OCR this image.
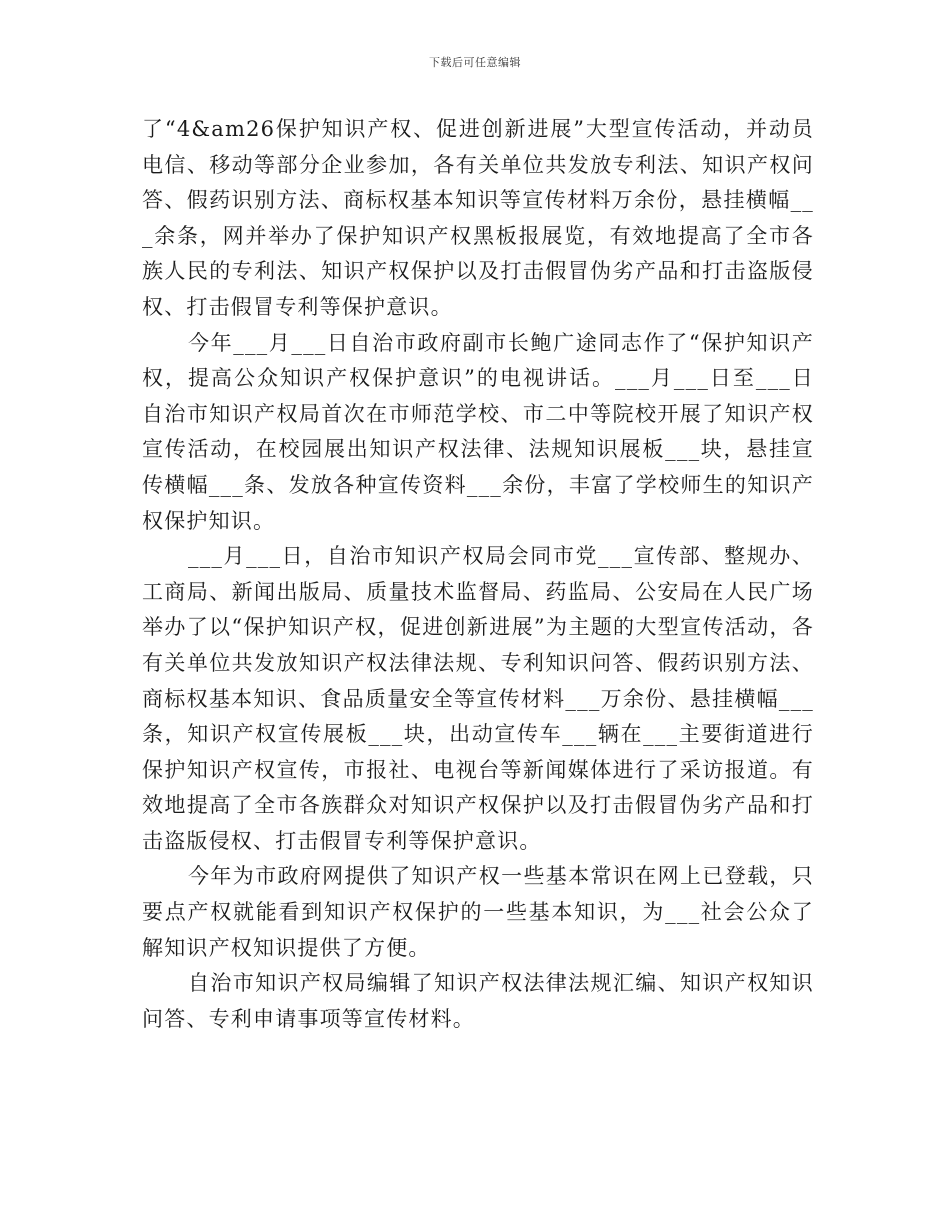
下载后可任意编辑

了“4&am26保护知识产权、促进创新进展”大型宣传活动，并动员电信、移动等部分企业参加，各有关单位共发放专利法、知识产权问答、假药识别方法、商标权基本知识等宣传材料万余份，悬挂横幅___余条，网并举办了保护知识产权黑板报展览，有效地提高了全市各族人民的专利法、知识产权保护以及打击假冒伪劣产品和打击盗版侵权、打击假冒专利等保护意识。

今年___月___日自治市政府副市长鲍广途同志作了“保护知识产权，提高公众知识产权保护意识”的电视讲话。___月___日至___日自治市知识产权局首次在市师范学校、市二中等院校开展了知识产权宣传活动，在校园展出知识产权法律、法规知识展板___块，悬挂宣传横幅___条、发放各种宣传资料___余份，丰富了学校师生的知识产权保护知识。

___月___日，自治市知识产权局会同市党___宣传部、整规办、工商局、新闻出版局、质量技术监督局、药监局、公安局在人民广场举办了以“保护知识产权，促进创新进展”为主题的大型宣传活动，各有关单位共发放知识产权法律法规、专利知识问答、假药识别方法、商标权基本知识、食品质量安全等宣传材料___万余份、悬挂横幅___条，知识产权宣传展板___块，出动宣传车___辆在___主要街道进行保护知识产权宣传，市报社、电视台等新闻媒体进行了采访报道。有效地提高了全市各族群众对知识产权保护以及打击假冒伪劣产品和打击盗版侵权、打击假冒专利等保护意识。

今年为市政府网提供了知识产权一些基本常识在网上已登载，只要点产权就能看到知识产权保护的一些基本知识，为___社会公众了解知识产权知识提供了方便。

自治市知识产权局编辑了知识产权法律法规汇编、知识产权知识问答、专利申请事项等宣传材料。
